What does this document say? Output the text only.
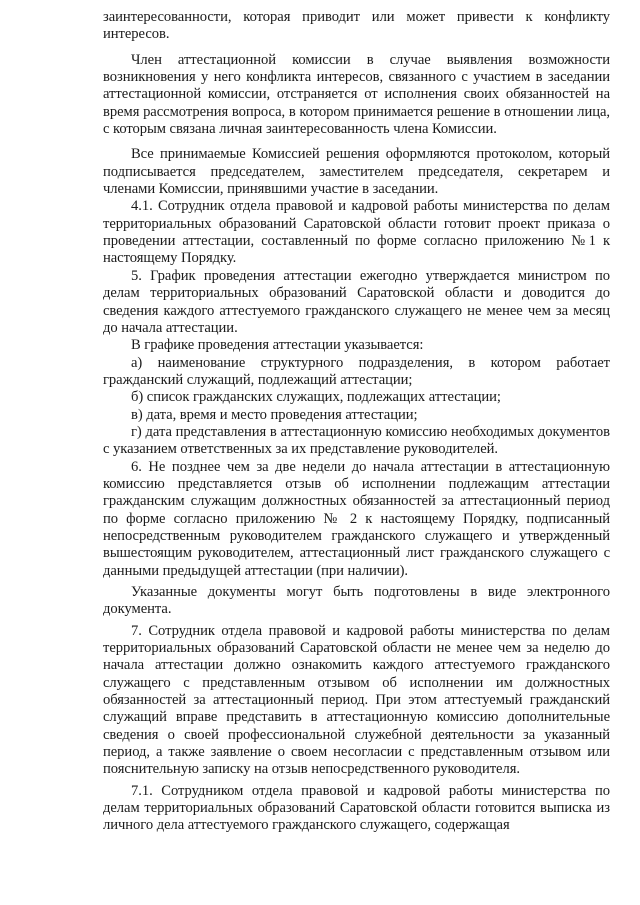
заинтересованности, которая приводит или может привести к конфликту интересов.

Член аттестационной комиссии в случае выявления возможности возникновения у него конфликта интересов, связанного с участием в заседании аттестационной комиссии, отстраняется от исполнения своих обязанностей на время рассмотрения вопроса, в котором принимается решение в отношении лица, с которым связана личная заинтересованность члена Комиссии.

Все принимаемые Комиссией решения оформляются протоколом, который подписывается председателем, заместителем председателя, секретарем и членами Комиссии, принявшими участие в заседании.

4.1. Сотрудник отдела правовой и кадровой работы министерства по делам территориальных образований Саратовской области готовит проект приказа о проведении аттестации, составленный по форме согласно приложению №1 к настоящему Порядку.

5. График проведения аттестации ежегодно утверждается министром по делам территориальных образований Саратовской области и доводится до сведения каждого аттестуемого гражданского служащего не менее чем за месяц до начала аттестации.

В графике проведения аттестации указывается:

а) наименование структурного подразделения, в котором работает гражданский служащий, подлежащий аттестации;

б) список гражданских служащих, подлежащих аттестации;

в) дата, время и место проведения аттестации;

г) дата представления в аттестационную комиссию необходимых документов с указанием ответственных за их представление руководителей.

6. Не позднее чем за две недели до начала аттестации в аттестационную комиссию представляется отзыв об исполнении подлежащим аттестации гражданским служащим должностных обязанностей за аттестационный период по форме согласно приложению № 2 к настоящему Порядку, подписанный непосредственным руководителем гражданского служащего и утвержденный вышестоящим руководителем, аттестационный лист гражданского служащего с данными предыдущей аттестации (при наличии).

Указанные документы могут быть подготовлены в виде электронного документа.

7. Сотрудник отдела правовой и кадровой работы министерства по делам территориальных образований Саратовской области не менее чем за неделю до начала аттестации должно ознакомить каждого аттестуемого гражданского служащего с представленным отзывом об исполнении им должностных обязанностей за аттестационный период. При этом аттестуемый гражданский служащий вправе представить в аттестационную комиссию дополнительные сведения о своей профессиональной служебной деятельности за указанный период, а также заявление о своем несогласии с представленным отзывом или пояснительную записку на отзыв непосредственного руководителя.

7.1. Сотрудником отдела правовой и кадровой работы министерства по делам территориальных образований Саратовской области готовится выписка из личного дела аттестуемого гражданского служащего, содержащая
